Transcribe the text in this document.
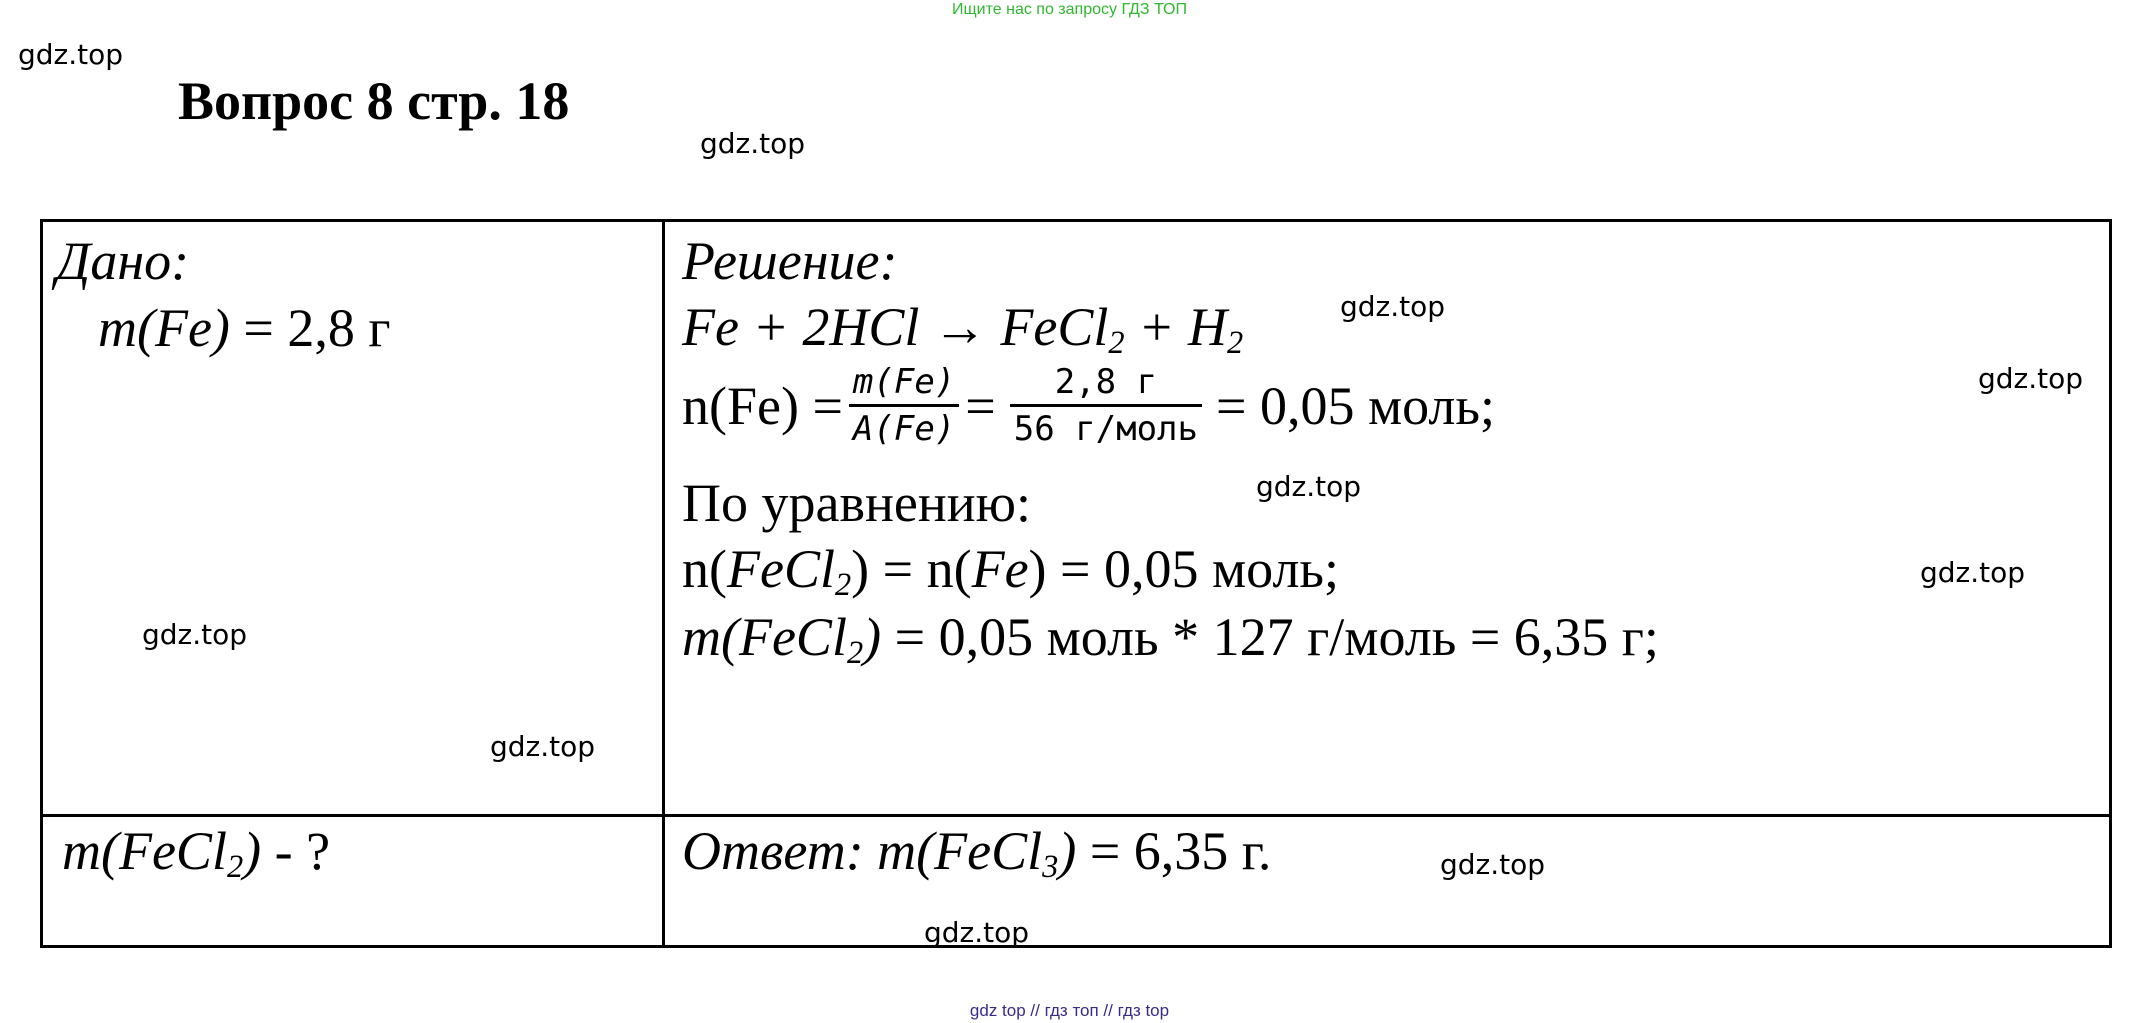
Ищите нас по запросу ГДЗ ТОП
gdz.top
Вопрос 8 стр. 18
gdz.top
Дано:
m(Fe) = 2,8 г
gdz.top
gdz.top
m(FeCl$_2$) - ?
Решение:
Fe + 2HCl → FeCl$_2$ + $H_2$
gdz.top
gdz.top
$n(Fe) = \frac{m(Fe)}{A(Fe)} = \frac{2,8 г}{\text{56 г/моль}} = 0,05$ моль;
gdz.top
По уравнению:
n(FeCl$_2$) = n(Fe) = 0,05 моль;	gdz.top
m(FeCl$_2$) = 0,05 моль * 127 г/моль = 6,35 г;
Ответ: m(FeCl$_3$) = 6,35 г.	gdz.top
gdz.top
gdz top // гдз топ // гдз top
